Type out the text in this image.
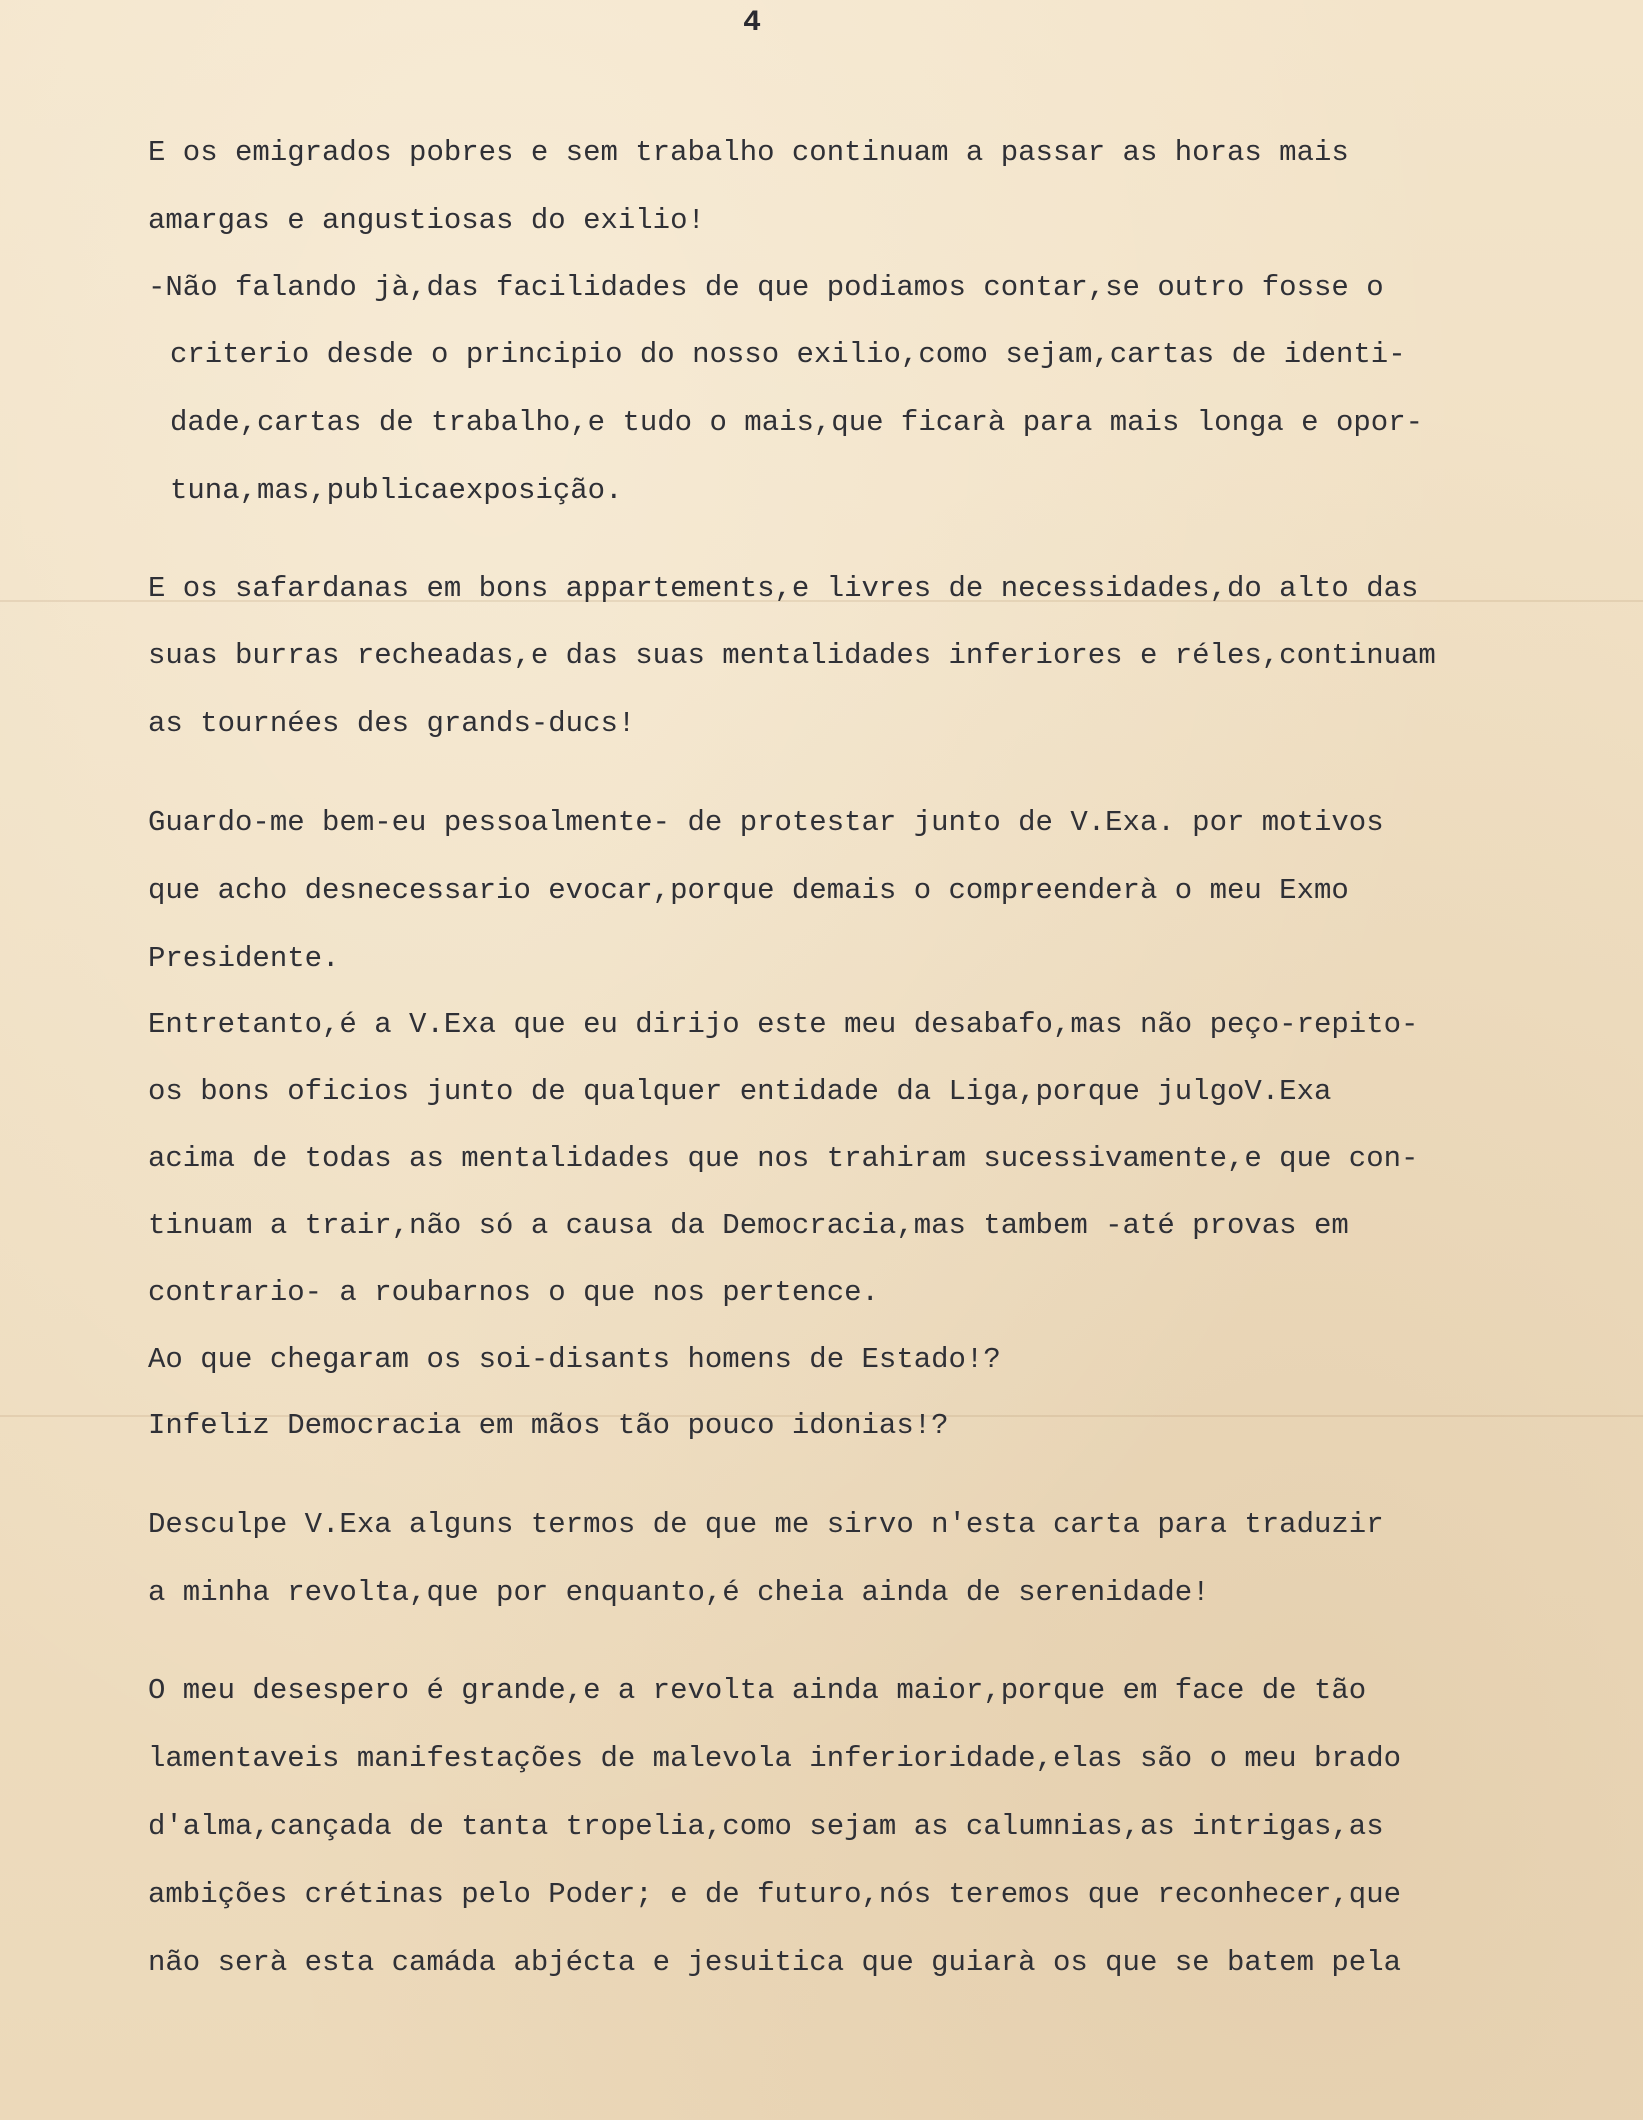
4
E os emigrados pobres e sem trabalho continuam a passar as horas mais
amargas e angustiosas do exilio!
-Não falando jà,das facilidades de que podiamos contar,se outro fosse o
criterio desde o principio do nosso exilio,como sejam,cartas de identi-
dade,cartas de trabalho,e tudo o mais,que ficarà para mais longa e opor-
tuna,mas,publicaexposição.
E os safardanas em bons appartements,e livres de necessidades,do alto das
suas burras recheadas,e das suas mentalidades inferiores e réles,continuam
as tournées des grands-ducs!
Guardo-me bem-eu pessoalmente- de protestar junto de V.Exa. por motivos
que acho desnecessario evocar,porque demais o compreenderà o meu Exmo
Presidente.
Entretanto,é a V.Exa que eu dirijo este meu desabafo,mas não peço-repito-
os bons oficios junto de qualquer entidade da Liga,porque julgoV.Exa
acima de todas as mentalidades que nos trahiram sucessivamente,e que con-
tinuam a trair,não só a causa da Democracia,mas tambem -até provas em
contrario- a roubarnos o que nos pertence.
Ao que chegaram os soi-disants homens de Estado!?
Infeliz Democracia em mãos tão pouco idonias!?
Desculpe V.Exa alguns termos de que me sirvo n'esta carta para traduzir
a minha revolta,que por enquanto,é cheia ainda de serenidade!
O meu desespero é grande,e a revolta ainda maior,porque em face de tão
lamentaveis manifestações de malevola inferioridade,elas são o meu brado
d'alma,cançada de tanta tropelia,como sejam as calumnias,as intrigas,as
ambições crétinas pelo Poder; e de futuro,nós teremos que reconhecer,que
não serà esta camáda abjécta e jesuitica que guiarà os que se batem pela
